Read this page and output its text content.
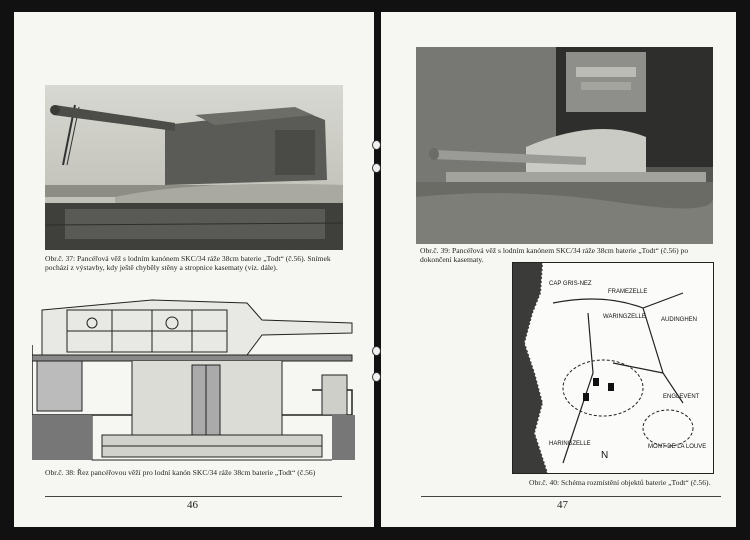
Obr.č. 37: Pancéřová věž s lodním kanónem SKC/34 ráže 38cm baterie „Todt“ (č.56). Snímek pochází z výstavby, kdy ještě chyběly stěny a stropnice kasematy (viz. dále).
Obr.č. 38: Řez pancéřovou věží pro lodní kanón SKC/34 ráže 38cm baterie „Todt“ (č.56)
46
Obr.č. 39: Pancéřová věž s lodním kanónem SKC/34 ráže 38cm baterie „Todt“ (č.56) po dokončení kasematy.
CAP GRIS-NEZ
FRAMEZELLE
WARINGZELLE	AUDINGHEN
ENGLEVENT
MONT DE LA LOUVE
HARINGZELLE
N
Obr.č. 40: Schéma rozmístění objektů baterie „Todt“ (č.56).
47
